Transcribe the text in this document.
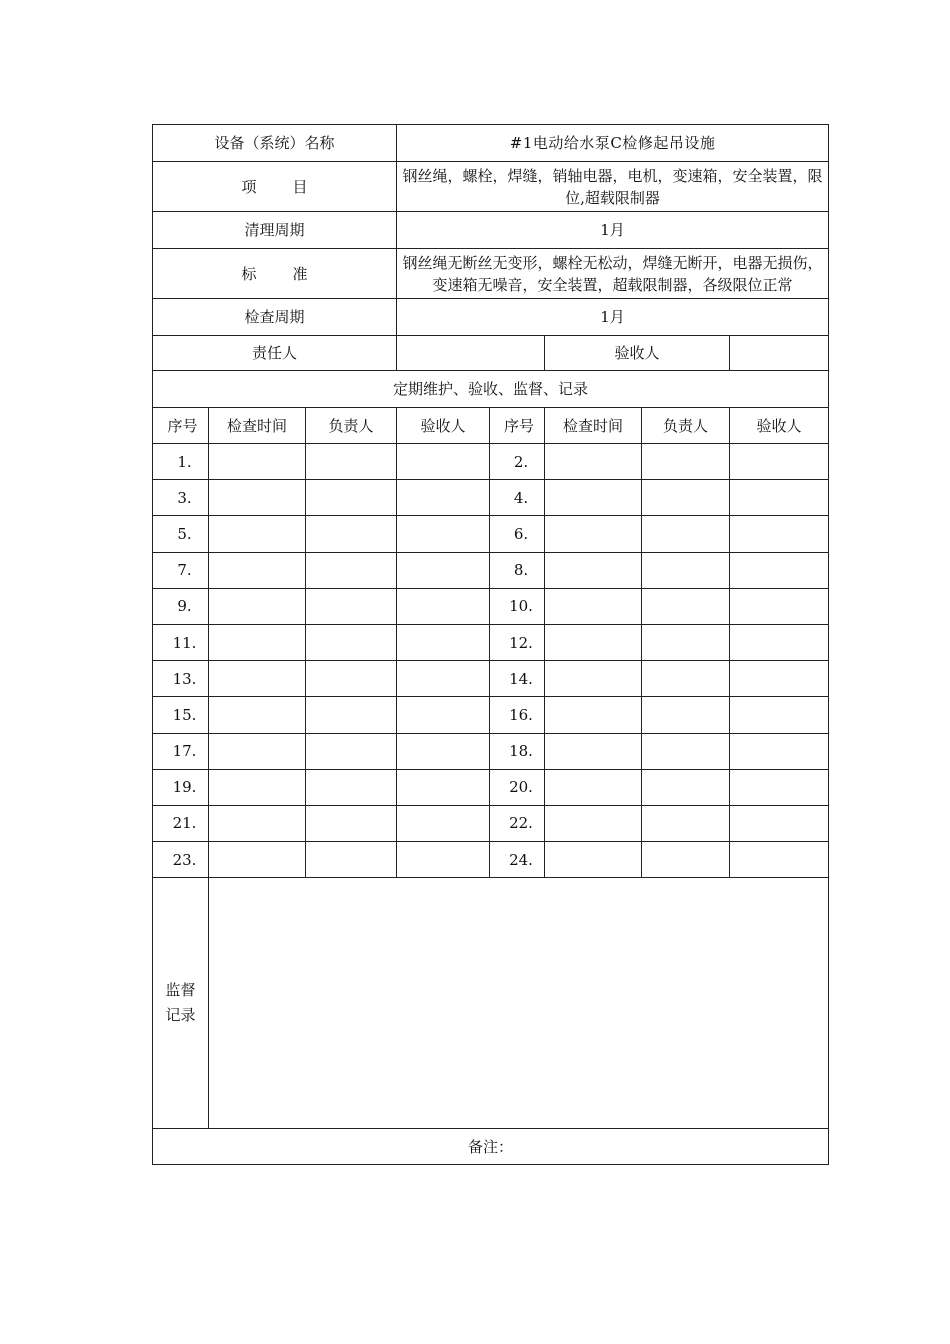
设备（系统）名称			#1电动给水泵C检修起吊设施				
项 目			钢丝绳，螺栓，焊缝，销轴电器，电机，变速箱，安全装置，限位,超载限制器				
清理周期			1月				
标 准			钢丝绳无断丝无变形，螺栓无松动，焊缝无断开，电器无损伤，变速箱无噪音，安全装置，超载限制器，各级限位正常				
检查周期			1月				
责任人					验收人		
定期维护、验收、监督、记录							
序号	检查时间	负责人	验收人	序号	检查时间	负责人	验收人
1.				2.			
3.				4.			
5.				6.			
7.				8.			
9.				10.			
11.				12.			
13.				14.			
15.				16.			
17.				18.			
19.				20.			
21.				22.			
23.				24.			
监督记录							
备注：							
